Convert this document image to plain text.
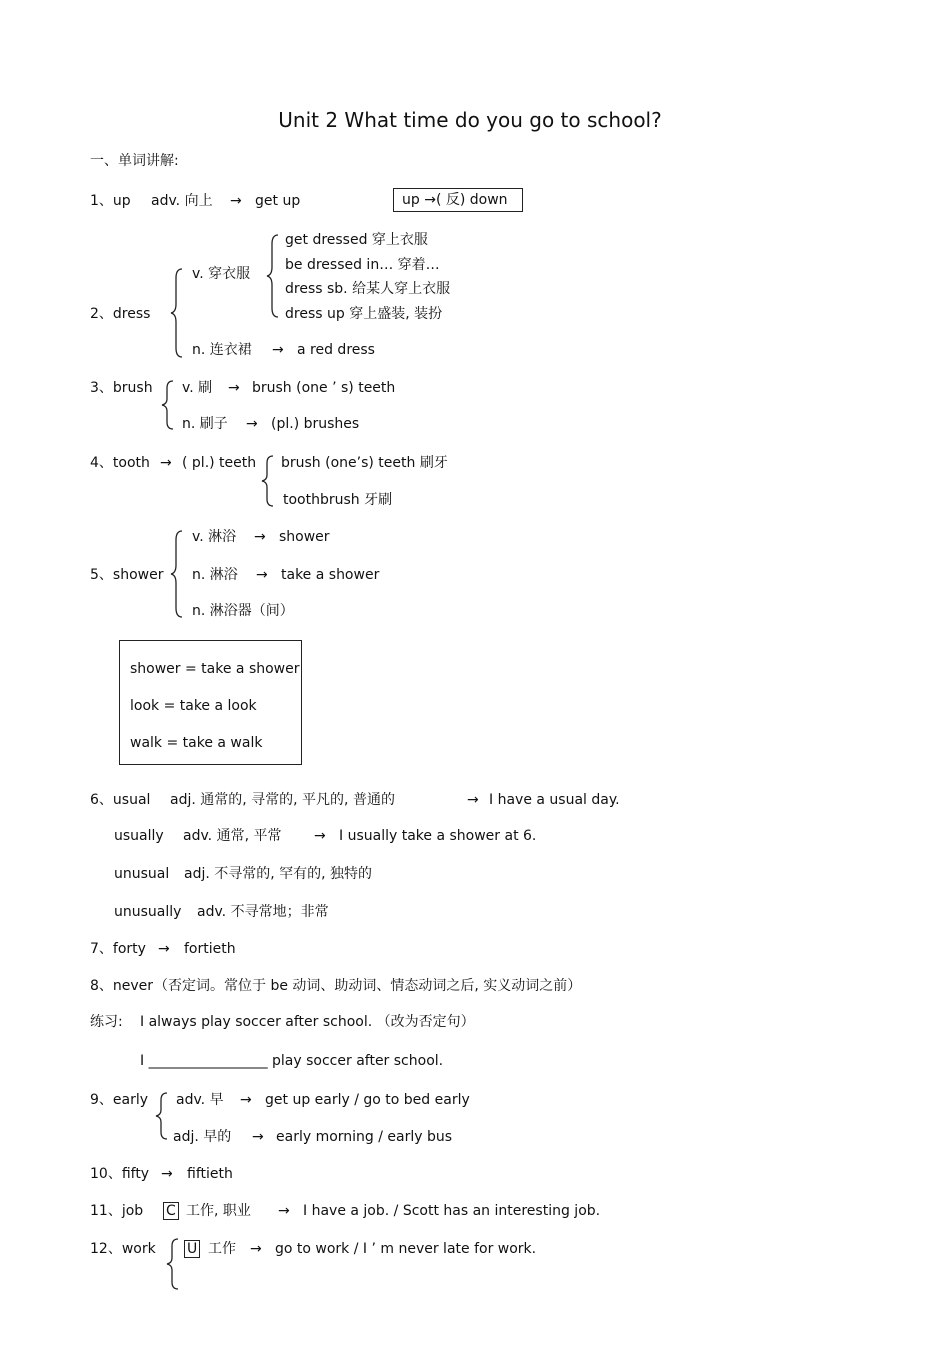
Unit 2 What time do you go to school?
一、单词讲解:
1、up adv. 向上 → get up	up →( 反) down
2、dress
v. 穿衣服
get dressed 穿上衣服
be dressed in… 穿着…
dress sb. 给某人穿上衣服
dress up 穿上盛装, 装扮
n. 连衣裙 → a red dress
3、brush v. 刷 → brush (one ’ s) teeth
n. 刷子 → (pl.) brushes
4、tooth → ( pl.) teeth brush (one’s) teeth 刷牙
toothbrush 牙刷
5、shower
v. 淋浴 → shower
n. 淋浴 → take a shower
n. 淋浴器（间）
shower = take a shower
look = take a look
walk = take a walk
6、usual adj. 通常的, 寻常的, 平凡的, 普通的	→ I have a usual day.
usually adv. 通常, 平常 → I usually take a shower at 6.
unusual adj. 不寻常的, 罕有的, 独特的
unusually adv. 不寻常地；非常
7、forty → fortieth
8、never （否定词。常位于 be 动词、助动词、情态动词之后, 实义动词之前）
练习: I always play soccer after school. （改为否定句）
I _________________ play soccer after school.
9、early adv. 早 → get up early / go to bed early
adj. 早的 → early morning / early bus
10、fifty → fiftieth
11、job C 工作, 职业 → I have a job. / Scott has an interesting job.
12、work U 工作 → go to work / I ’ m never late for work.
